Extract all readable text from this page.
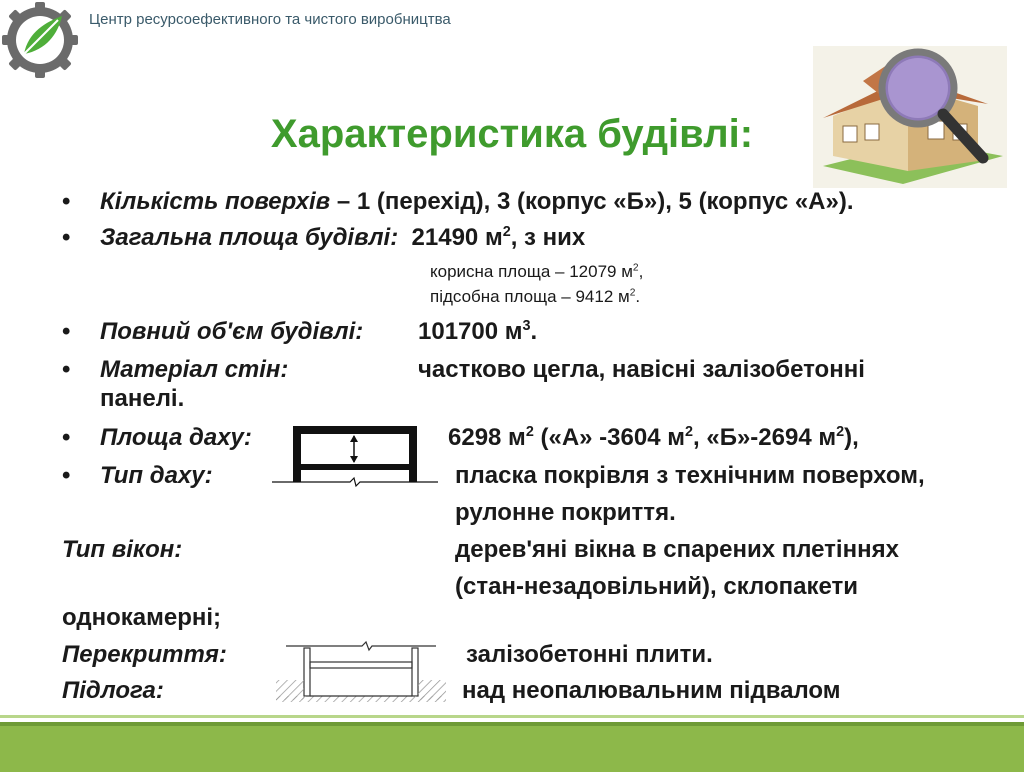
Центр ресурсоефективного та чистого виробництва
Характеристика будівлі:
• Кількість поверхів – 1 (перехід), 3 (корпус «Б»), 5 (корпус «А»).
• Загальна площа будівлі: 21490 $м^2$, з них
корисна площа – 12079 $м^2$,
підсобна площа – 9412 $м^2$.
• Повний об'єм будівлі: 101700 $м^3$.
• Матеріал стін:	частково цегла, навісні залізобетонні
панелі.
• Площа даху:	6298 $м^2$ («А» -3604 $м^2$, «Б»-2694 $м^2$),
• Тип даху:	пласка покрівля з технічним поверхом,
рулонне покриття.
Тип вікон:	дерев'яні вікна в спарених плетіннях
(стан-незадовільний), склопакети
однокамерні;
Перекриття:	залізобетонні плити.
Підлога:	над неопалювальним підвалом
